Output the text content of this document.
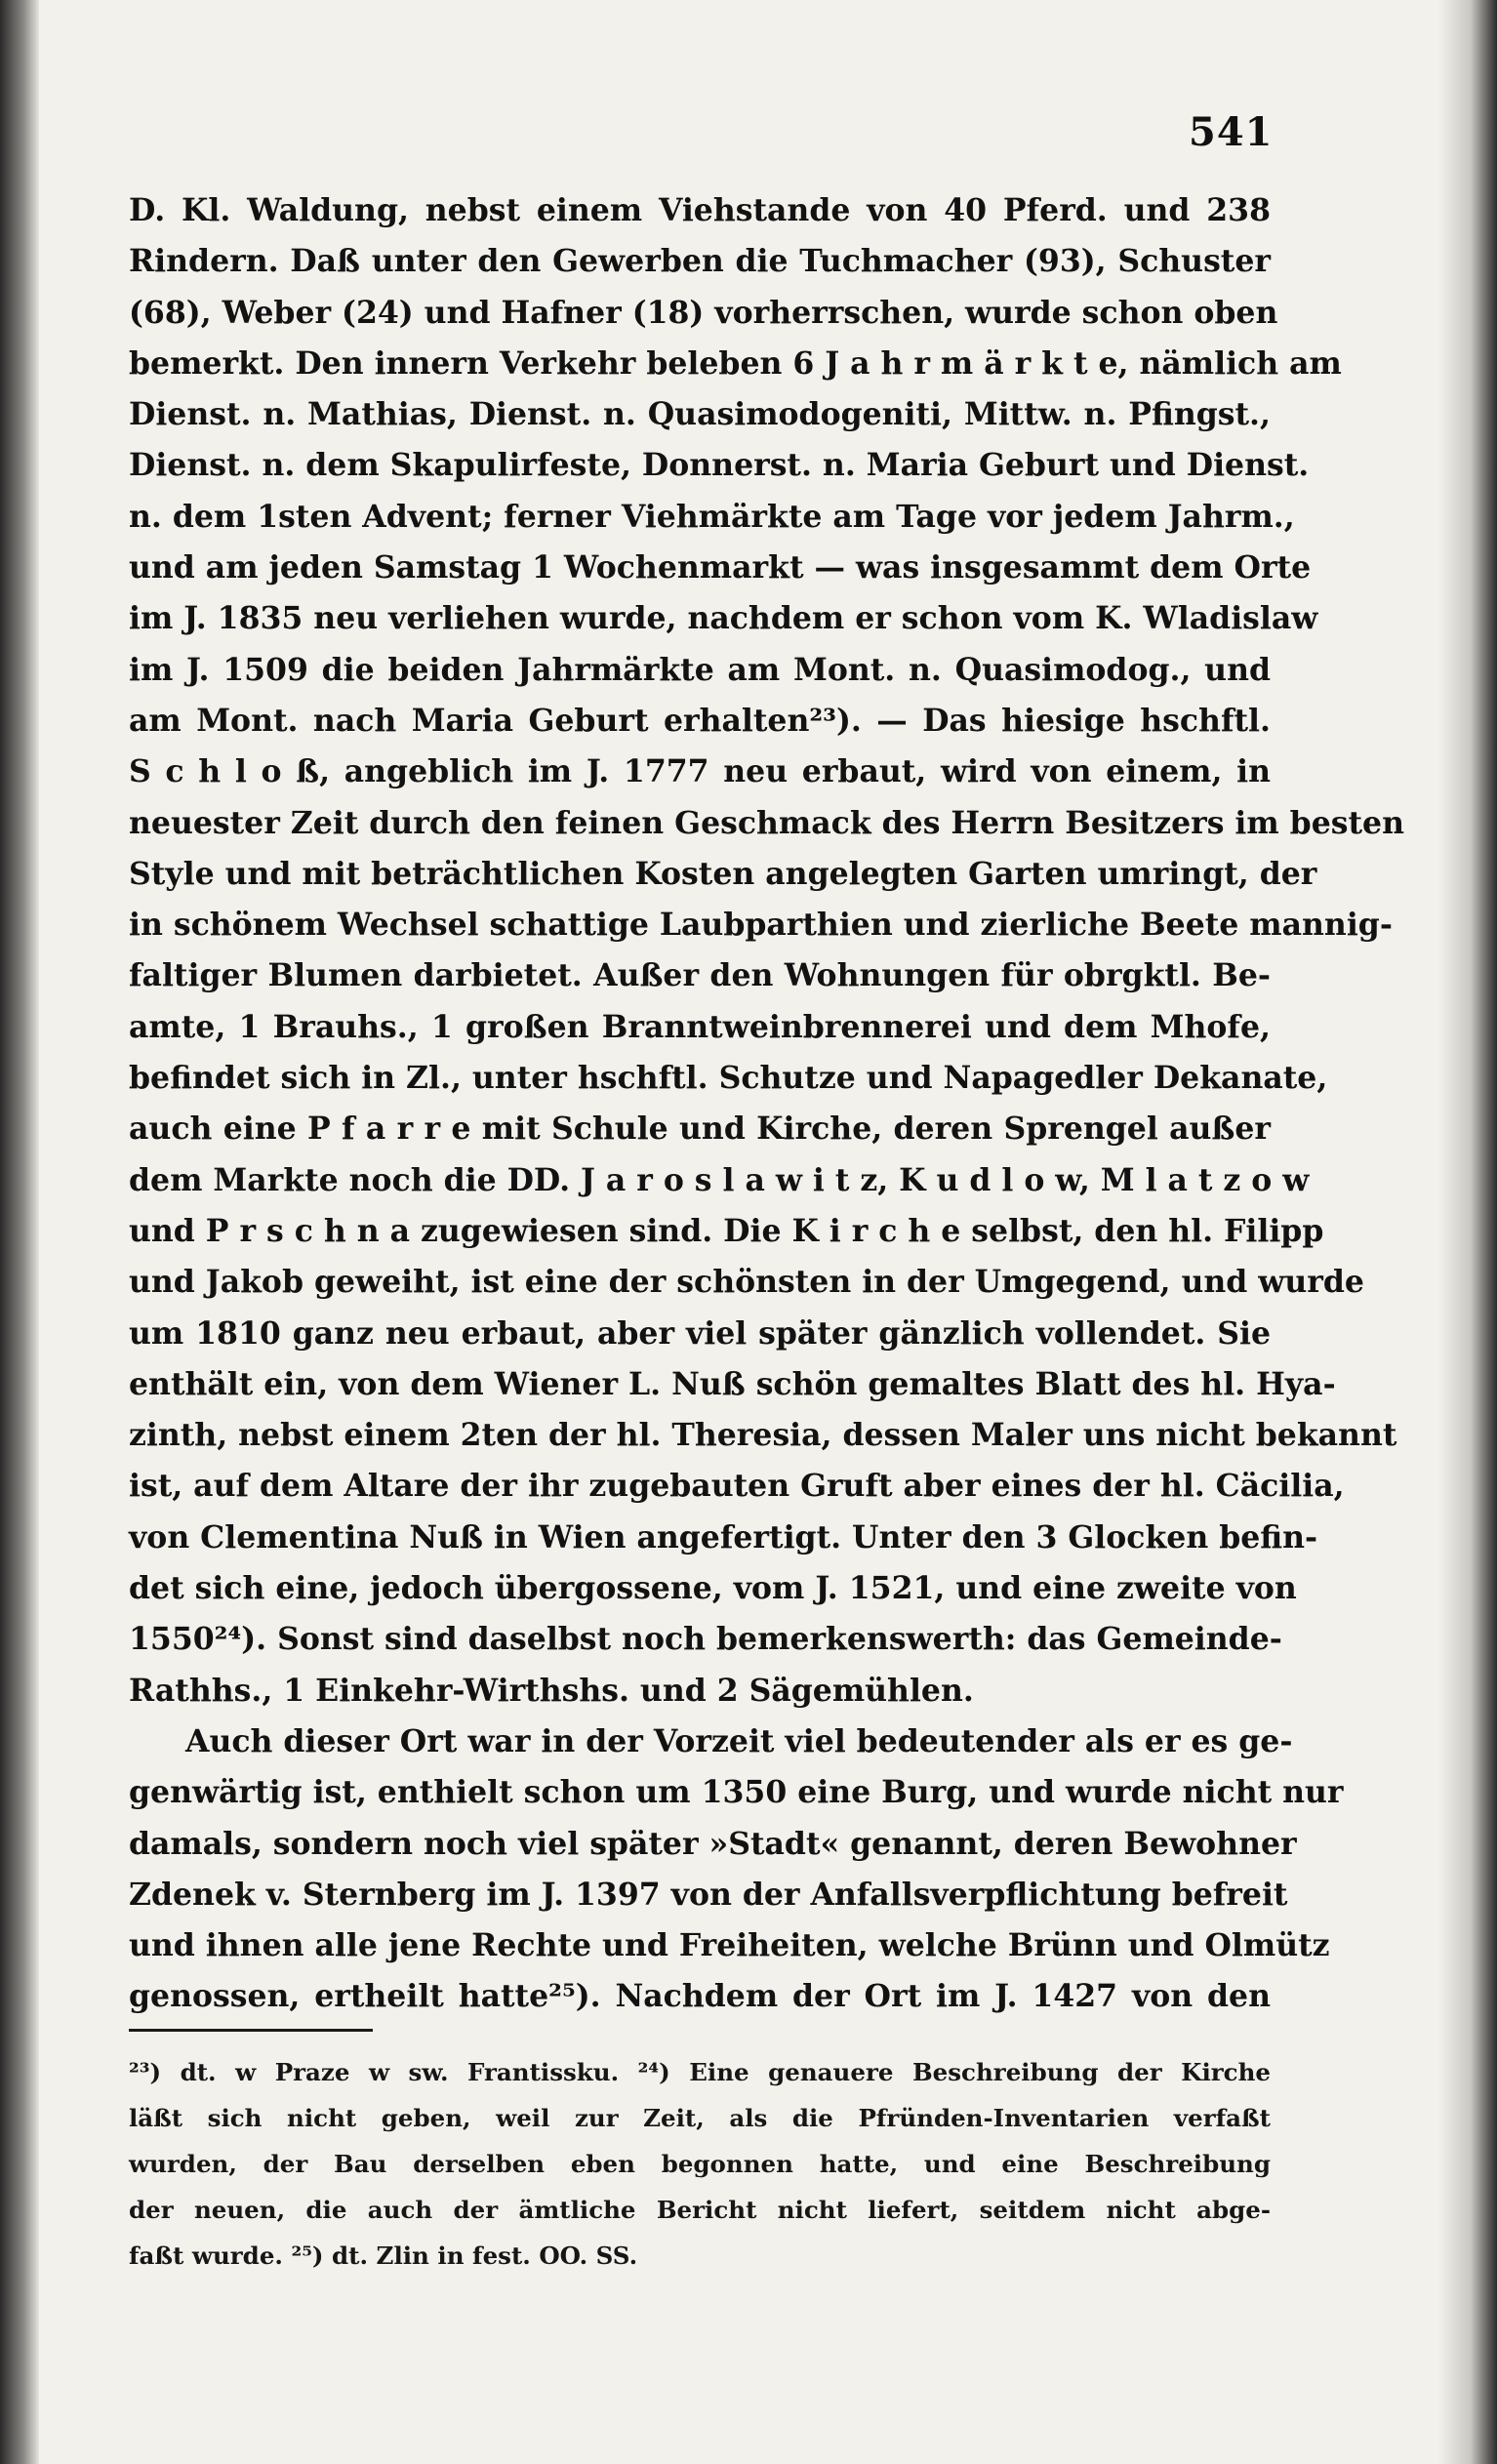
541
D. Kl. Waldung, nebst einem Viehstande von 40 Pferd. und 238
Rindern. Daß unter den Gewerben die Tuchmacher (93), Schuster
(68), Weber (24) und Hafner (18) vorherrschen, wurde schon oben
bemerkt. Den innern Verkehr beleben 6 J a h r m ä r k t e, nämlich am
Dienst. n. Mathias, Dienst. n. Quasimodogeniti, Mittw. n. Pfingst.,
Dienst. n. dem Skapulirfeste, Donnerst. n. Maria Geburt und Dienst.
n. dem 1sten Advent; ferner Viehmärkte am Tage vor jedem Jahrm.,
und am jeden Samstag 1 Wochenmarkt — was insgesammt dem Orte
im J. 1835 neu verliehen wurde, nachdem er schon vom K. Wladislaw
im J. 1509 die beiden Jahrmärkte am Mont. n. Quasimodog., und
am Mont. nach Maria Geburt erhalten²³). — Das hiesige hschftl.
S c h l o ß, angeblich im J. 1777 neu erbaut, wird von einem, in
neuester Zeit durch den feinen Geschmack des Herrn Besitzers im besten
Style und mit beträchtlichen Kosten angelegten Garten umringt, der
in schönem Wechsel schattige Laubparthien und zierliche Beete mannig-
faltiger Blumen darbietet. Außer den Wohnungen für obrgktl. Be-
amte, 1 Brauhs., 1 großen Branntweinbrennerei und dem Mhofe,
befindet sich in Zl., unter hschftl. Schutze und Napagedler Dekanate,
auch eine P f a r r e mit Schule und Kirche, deren Sprengel außer
dem Markte noch die DD. J a r o s l a w i t z, K u d l o w, M l a t z o w
und P r s c h n a zugewiesen sind. Die K i r c h e selbst, den hl. Filipp
und Jakob geweiht, ist eine der schönsten in der Umgegend, und wurde
um 1810 ganz neu erbaut, aber viel später gänzlich vollendet. Sie
enthält ein, von dem Wiener L. Nuß schön gemaltes Blatt des hl. Hya-
zinth, nebst einem 2ten der hl. Theresia, dessen Maler uns nicht bekannt
ist, auf dem Altare der ihr zugebauten Gruft aber eines der hl. Cäcilia,
von Clementina Nuß in Wien angefertigt. Unter den 3 Glocken befin-
det sich eine, jedoch übergossene, vom J. 1521, und eine zweite von
1550²⁴). Sonst sind daselbst noch bemerkenswerth: das Gemeinde-
Rathhs., 1 Einkehr-Wirthshs. und 2 Sägemühlen.
Auch dieser Ort war in der Vorzeit viel bedeutender als er es ge-
genwärtig ist, enthielt schon um 1350 eine Burg, und wurde nicht nur
damals, sondern noch viel später »Stadt« genannt, deren Bewohner
Zdenek v. Sternberg im J. 1397 von der Anfallsverpflichtung befreit
und ihnen alle jene Rechte und Freiheiten, welche Brünn und Olmütz
genossen, ertheilt hatte²⁵). Nachdem der Ort im J. 1427 von den
²³) dt. w Praze w sw. Frantissku. ²⁴) Eine genauere Beschreibung der Kirche
läßt sich nicht geben, weil zur Zeit, als die Pfründen-Inventarien verfaßt
wurden, der Bau derselben eben begonnen hatte, und eine Beschreibung
der neuen, die auch der ämtliche Bericht nicht liefert, seitdem nicht abge-
faßt wurde. ²⁵) dt. Zlin in fest. OO. SS.
